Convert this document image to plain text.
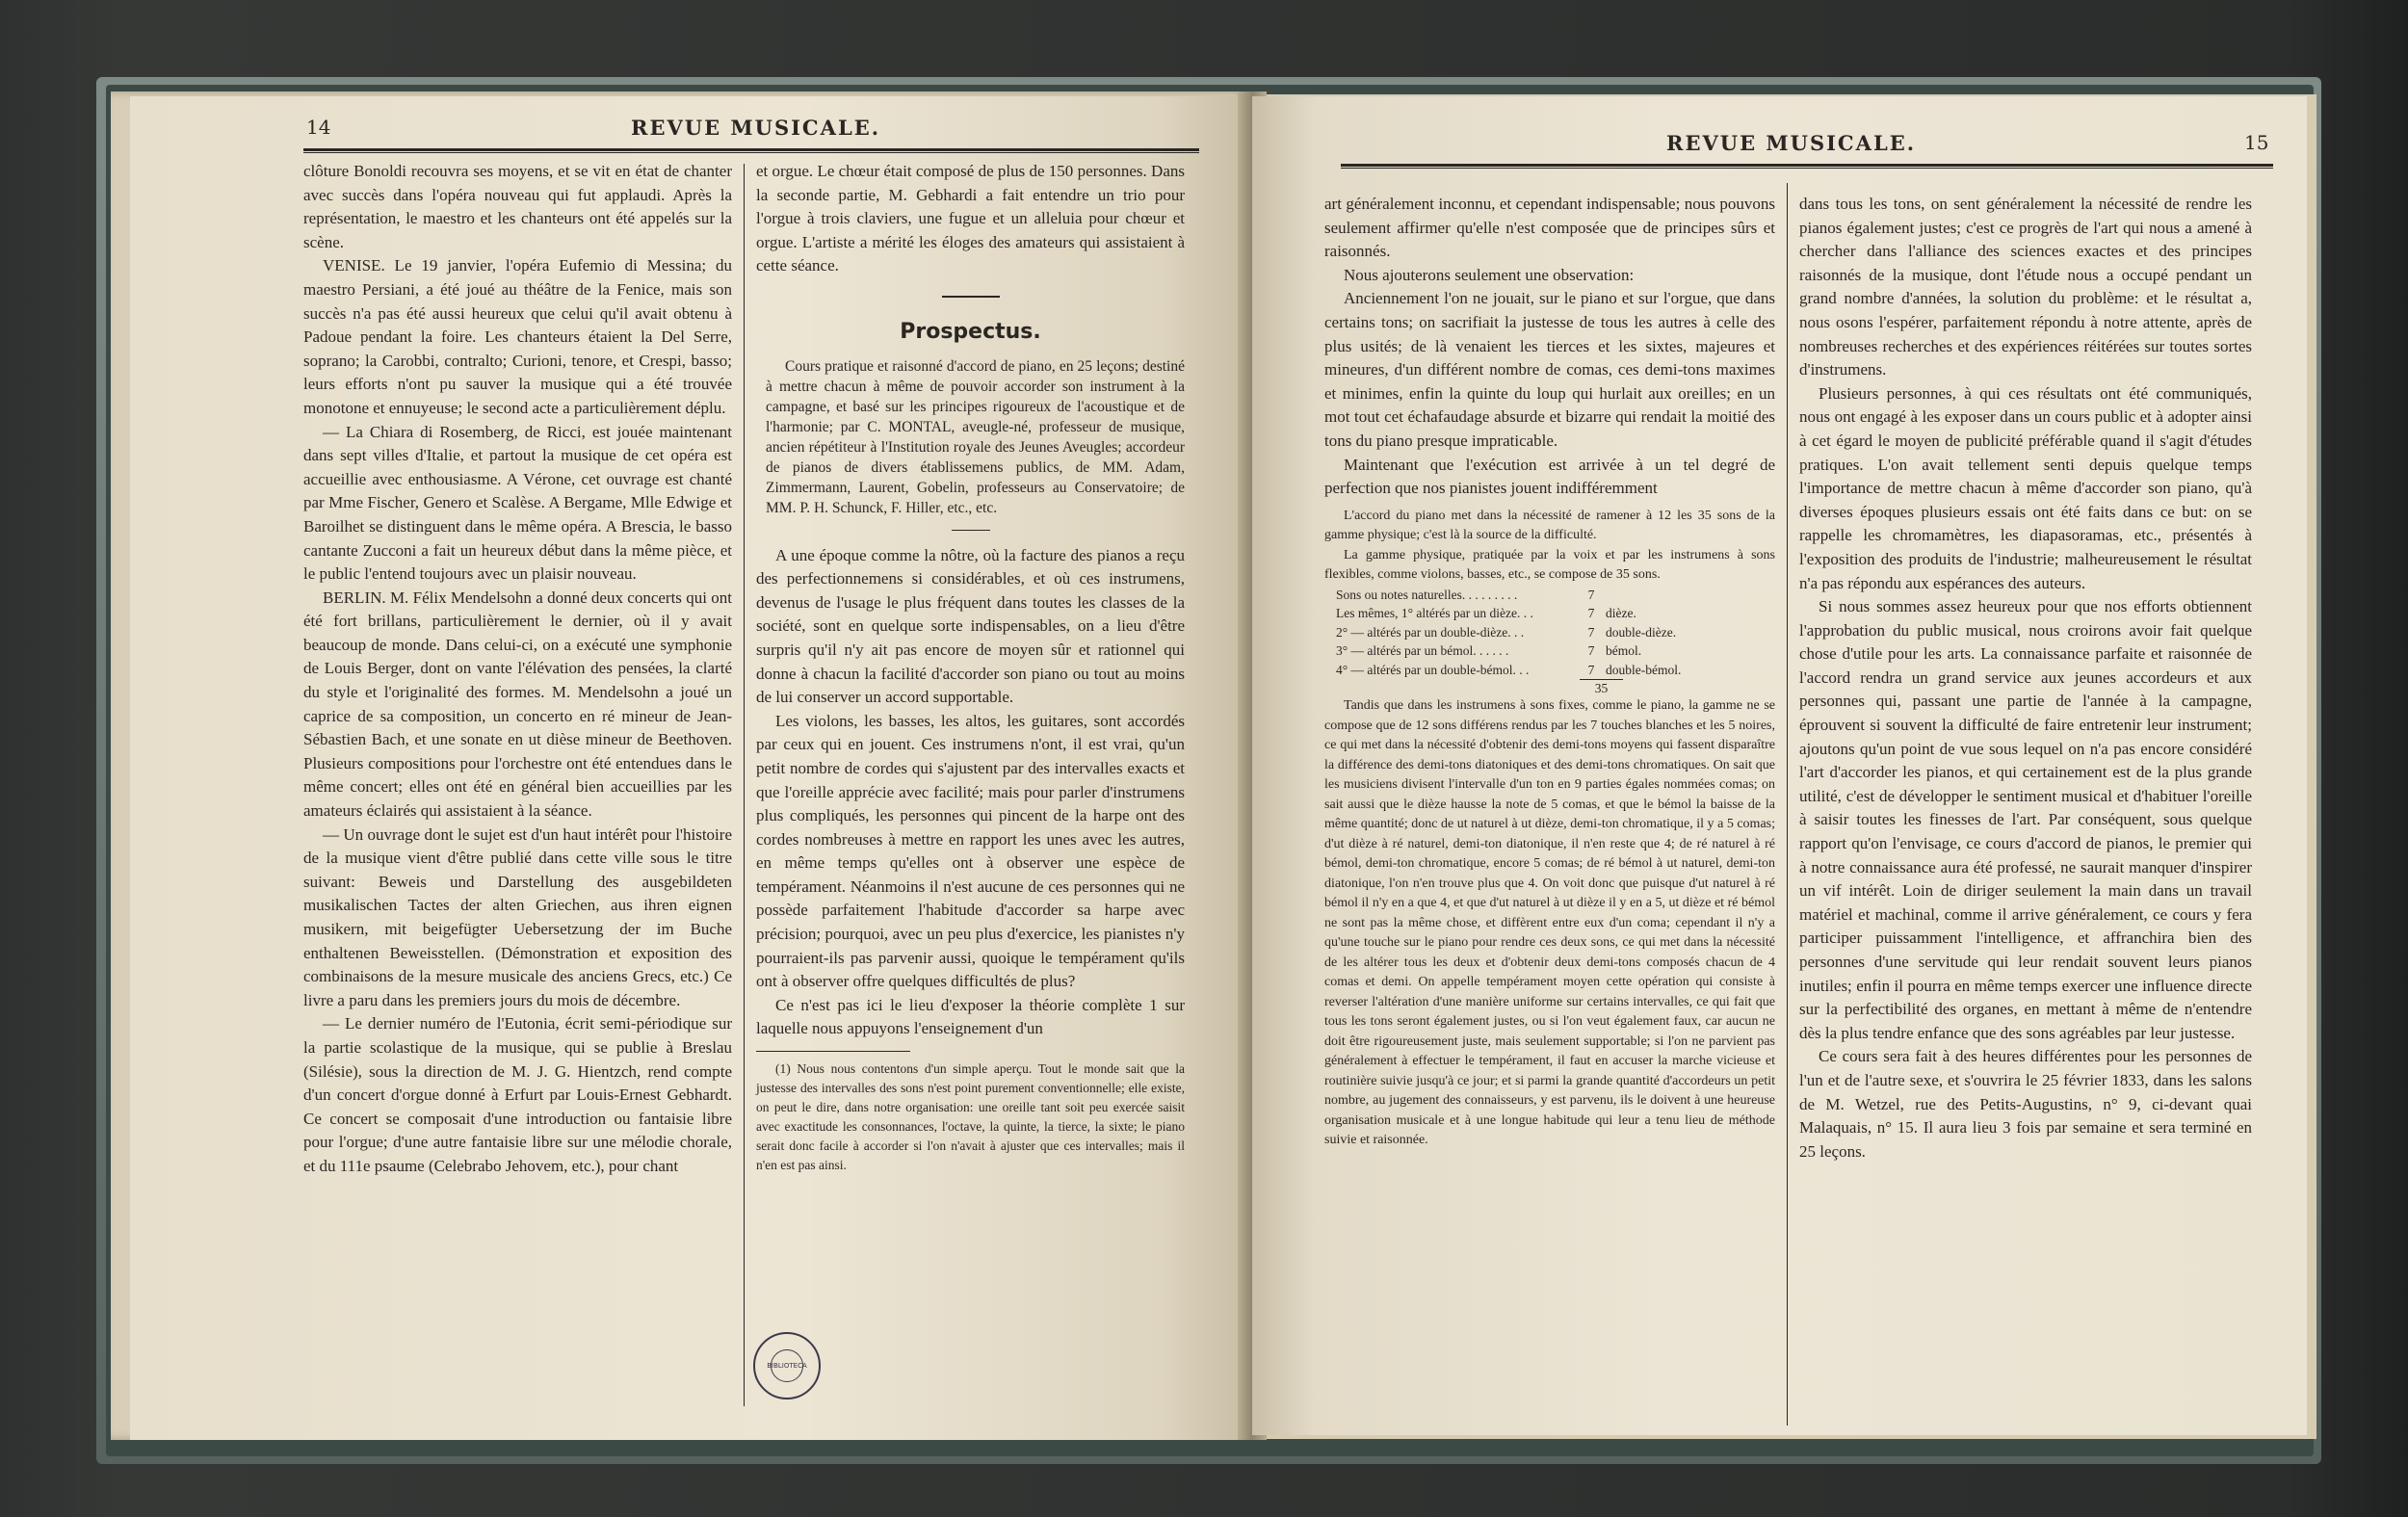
14	REVUE MUSICALE.

clôture Bonoldi recouvra ses moyens, et se vit en état de chanter avec succès dans l'opéra nouveau qui fut applaudi. Après la représentation, le maestro et les chanteurs ont été appelés sur la scène.

VENISE. Le 19 janvier, l'opéra Eufemio di Messina; du maestro Persiani, a été joué au théâtre de la Fenice, mais son succès n'a pas été aussi heureux que celui qu'il avait obtenu à Padoue pendant la foire. Les chanteurs étaient la Del Serre, soprano; la Carobbi, contralto; Curioni, tenore, et Crespi, basso; leurs efforts n'ont pu sauver la musique qui a été trouvée monotone et ennuyeuse; le second acte a particulièrement déplu.

— La Chiara di Rosemberg, de Ricci, est jouée maintenant dans sept villes d'Italie, et partout la musique de cet opéra est accueillie avec enthousiasme. A Vérone, cet ouvrage est chanté par Mme Fischer, Genero et Scalèse. A Bergame, Mlle Edwige et Baroilhet se distinguent dans le même opéra. A Brescia, le basso cantante Zucconi a fait un heureux début dans la même pièce, et le public l'entend toujours avec un plaisir nouveau.

BERLIN. M. Félix Mendelsohn a donné deux concerts qui ont été fort brillans, particulièrement le dernier, où il y avait beaucoup de monde. Dans celui-ci, on a exécuté une symphonie de Louis Berger, dont on vante l'élévation des pensées, la clarté du style et l'originalité des formes. M. Mendelsohn a joué un caprice de sa composition, un concerto en ré mineur de Jean-Sébastien Bach, et une sonate en ut dièse mineur de Beethoven. Plusieurs compositions pour l'orchestre ont été entendues dans le même concert; elles ont été en général bien accueillies par les amateurs éclairés qui assistaient à la séance.

— Un ouvrage dont le sujet est d'un haut intérêt pour l'histoire de la musique vient d'être publié dans cette ville sous le titre suivant: Beweis und Darstellung des ausgebildeten musikalischen Tactes der alten Griechen, aus ihren eignen musikern, mit beigefügter Uebersetzung der im Buche enthaltenen Beweisstellen. (Démonstration et exposition des combinaisons de la mesure musicale des anciens Grecs, etc.) Ce livre a paru dans les premiers jours du mois de décembre.

— Le dernier numéro de l'Eutonia, écrit semi-périodique sur la partie scolastique de la musique, qui se publie à Breslau (Silésie), sous la direction de M. J. G. Hientzch, rend compte d'un concert d'orgue donné à Erfurt par Louis-Ernest Gebhardt. Ce concert se composait d'une introduction ou fantaisie libre pour l'orgue; d'une autre fantaisie libre sur une mélodie chorale, et du 111e psaume (Celebrabo Jehovem, etc.), pour chant

et orgue. Le chœur était composé de plus de 150 personnes. Dans la seconde partie, M. Gebhardi a fait entendre un trio pour l'orgue à trois claviers, une fugue et un alleluia pour chœur et orgue. L'artiste a mérité les éloges des amateurs qui assistaient à cette séance.

Prospectus.

Cours pratique et raisonné d'accord de piano, en 25 leçons; destiné à mettre chacun à même de pouvoir accorder son instrument à la campagne, et basé sur les principes rigoureux de l'acoustique et de l'harmonie; par C. MONTAL, aveugle-né, professeur de musique, ancien répétiteur à l'Institution royale des Jeunes Aveugles; accordeur de pianos de divers établissemens publics, de MM. Adam, Zimmermann, Laurent, Gobelin, professeurs au Conservatoire; de MM. P. H. Schunck, F. Hiller, etc., etc.

A une époque comme la nôtre, où la facture des pianos a reçu des perfectionnemens si considérables, et où ces instrumens, devenus de l'usage le plus fréquent dans toutes les classes de la société, sont en quelque sorte indispensables, on a lieu d'être surpris qu'il n'y ait pas encore de moyen sûr et rationnel qui donne à chacun la facilité d'accorder son piano ou tout au moins de lui conserver un accord supportable.

Les violons, les basses, les altos, les guitares, sont accordés par ceux qui en jouent. Ces instrumens n'ont, il est vrai, qu'un petit nombre de cordes qui s'ajustent par des intervalles exacts et que l'oreille apprécie avec facilité; mais pour parler d'instrumens plus compliqués, les personnes qui pincent de la harpe ont des cordes nombreuses à mettre en rapport les unes avec les autres, en même temps qu'elles ont à observer une espèce de tempérament. Néanmoins il n'est aucune de ces personnes qui ne possède parfaitement l'habitude d'accorder sa harpe avec précision; pourquoi, avec un peu plus d'exercice, les pianistes n'y pourraient-ils pas parvenir aussi, quoique le tempérament qu'ils ont à observer offre quelques difficultés de plus?

Ce n'est pas ici le lieu d'exposer la théorie complète 1 sur laquelle nous appuyons l'enseignement d'un

(1) Nous nous contentons d'un simple aperçu. Tout le monde sait que la justesse des intervalles des sons n'est point purement conventionnelle; elle existe, on peut le dire, dans notre organisation: une oreille tant soit peu exercée saisit avec exactitude les consonnances, l'octave, la quinte, la tierce, la sixte; le piano serait donc facile à accorder si l'on n'avait à ajuster que ces intervalles; mais il n'en est pas ainsi.

BIBLIOTECA
REVUE MUSICALE.	15

art généralement inconnu, et cependant indispensable; nous pouvons seulement affirmer qu'elle n'est composée que de principes sûrs et raisonnés.

Nous ajouterons seulement une observation:

Anciennement l'on ne jouait, sur le piano et sur l'orgue, que dans certains tons; on sacrifiait la justesse de tous les autres à celle des plus usités; de là venaient les tierces et les sixtes, majeures et mineures, d'un différent nombre de comas, ces demi-tons maximes et minimes, enfin la quinte du loup qui hurlait aux oreilles; en un mot tout cet échafaudage absurde et bizarre qui rendait la moitié des tons du piano presque impraticable.

Maintenant que l'exécution est arrivée à un tel degré de perfection que nos pianistes jouent indifféremment

L'accord du piano met dans la nécessité de ramener à 12 les 35 sons de la gamme physique; c'est là la source de la difficulté.

La gamme physique, pratiquée par la voix et par les instrumens à sons flexibles, comme violons, basses, etc., se compose de 35 sons.

Sons ou notes naturelles. . . . . . . . .	7	
Les mêmes, 1° altérés par un dièze. . .	7	dièze.
2° — altérés par un double-dièze. . .	7	double-dièze.
3° — altérés par un bémol. . . . . .	7	bémol.
4° — altérés par un double-bémol. . .	7	double-bémol.
35

Tandis que dans les instrumens à sons fixes, comme le piano, la gamme ne se compose que de 12 sons différens rendus par les 7 touches blanches et les 5 noires, ce qui met dans la nécessité d'obtenir des demi-tons moyens qui fassent disparaître la différence des demi-tons diatoniques et des demi-tons chromatiques. On sait que les musiciens divisent l'intervalle d'un ton en 9 parties égales nommées comas; on sait aussi que le dièze hausse la note de 5 comas, et que le bémol la baisse de la même quantité; donc de ut naturel à ut dièze, demi-ton chromatique, il y a 5 comas; d'ut dièze à ré naturel, demi-ton diatonique, il n'en reste que 4; de ré naturel à ré bémol, demi-ton chromatique, encore 5 comas; de ré bémol à ut naturel, demi-ton diatonique, l'on n'en trouve plus que 4. On voit donc que puisque d'ut naturel à ré bémol il n'y en a que 4, et que d'ut naturel à ut dièze il y en a 5, ut dièze et ré bémol ne sont pas la même chose, et diffèrent entre eux d'un coma; cependant il n'y a qu'une touche sur le piano pour rendre ces deux sons, ce qui met dans la nécessité de les altérer tous les deux et d'obtenir deux demi-tons composés chacun de 4 comas et demi. On appelle tempérament moyen cette opération qui consiste à reverser l'altération d'une manière uniforme sur certains intervalles, ce qui fait que tous les tons seront également justes, ou si l'on veut également faux, car aucun ne doit être rigoureusement juste, mais seulement supportable; si l'on ne parvient pas généralement à effectuer le tempérament, il faut en accuser la marche vicieuse et routinière suivie jusqu'à ce jour; et si parmi la grande quantité d'accordeurs un petit nombre, au jugement des connaisseurs, y est parvenu, ils le doivent à une heureuse organisation musicale et à une longue habitude qui leur a tenu lieu de méthode suivie et raisonnée.

dans tous les tons, on sent généralement la nécessité de rendre les pianos également justes; c'est ce progrès de l'art qui nous a amené à chercher dans l'alliance des sciences exactes et des principes raisonnés de la musique, dont l'étude nous a occupé pendant un grand nombre d'années, la solution du problème: et le résultat a, nous osons l'espérer, parfaitement répondu à notre attente, après de nombreuses recherches et des expériences réitérées sur toutes sortes d'instrumens.

Plusieurs personnes, à qui ces résultats ont été communiqués, nous ont engagé à les exposer dans un cours public et à adopter ainsi à cet égard le moyen de publicité préférable quand il s'agit d'études pratiques. L'on avait tellement senti depuis quelque temps l'importance de mettre chacun à même d'accorder son piano, qu'à diverses époques plusieurs essais ont été faits dans ce but: on se rappelle les chromamètres, les diapasoramas, etc., présentés à l'exposition des produits de l'industrie; malheureusement le résultat n'a pas répondu aux espérances des auteurs.

Si nous sommes assez heureux pour que nos efforts obtiennent l'approbation du public musical, nous croirons avoir fait quelque chose d'utile pour les arts. La connaissance parfaite et raisonnée de l'accord rendra un grand service aux jeunes accordeurs et aux personnes qui, passant une partie de l'année à la campagne, éprouvent si souvent la difficulté de faire entretenir leur instrument; ajoutons qu'un point de vue sous lequel on n'a pas encore considéré l'art d'accorder les pianos, et qui certainement est de la plus grande utilité, c'est de développer le sentiment musical et d'habituer l'oreille à saisir toutes les finesses de l'art. Par conséquent, sous quelque rapport qu'on l'envisage, ce cours d'accord de pianos, le premier qui à notre connaissance aura été professé, ne saurait manquer d'inspirer un vif intérêt. Loin de diriger seulement la main dans un travail matériel et machinal, comme il arrive généralement, ce cours y fera participer puissamment l'intelligence, et affranchira bien des personnes d'une servitude qui leur rendait souvent leurs pianos inutiles; enfin il pourra en même temps exercer une influence directe sur la perfectibilité des organes, en mettant à même de n'entendre dès la plus tendre enfance que des sons agréables par leur justesse.

Ce cours sera fait à des heures différentes pour les personnes de l'un et de l'autre sexe, et s'ouvrira le 25 février 1833, dans les salons de M. Wetzel, rue des Petits-Augustins, n° 9, ci-devant quai Malaquais, n° 15. Il aura lieu 3 fois par semaine et sera terminé en 25 leçons.
